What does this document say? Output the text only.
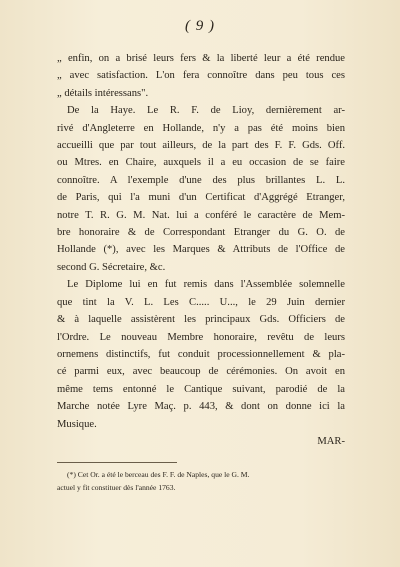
( 9 )
„ enfin, on a brisé leurs fers & la liberté leur a été rendue
„ avec satisfaction. L'on fera connoître dans peu tous ces
„ détails intéressans".
De la Haye. Le R. F. de Lioy, dernièrement ar-
rivé d'Angleterre en Hollande, n'y a pas été moins bien
accueilli que par tout ailleurs, de la part des F. F. Gds. Off.
ou Mtres. en Chaire, auxquels il a eu occasion de se faire
connoître. A l'exemple d'une des plus brillantes L. L.
de Paris, qui l'a muni d'un Certificat d'Aggrégé Etranger,
notre T. R. G. M. Nat. lui a conféré le caractère de Mem-
bre honoraire & de Correspondant Etranger du G. O. de
Hollande (*), avec les Marques & Attributs de l'Office de
second G. Sécretaire, &c.
Le Diplome lui en fut remis dans l'Assemblée solemnelle
que tint la V. L. Les C..... U..., le 29 Juin dernier
& à laquelle assistèrent les principaux Gds. Officiers de
l'Ordre. Le nouveau Membre honoraire, revêtu de leurs
ornemens distinctifs, fut conduit processionnellement & pla-
cé parmi eux, avec beaucoup de cérémonies. On avoit en
même tems entonné le Cantique suivant, parodié de la
Marche notée Lyre Maç. p. 443, & dont on donne ici la
Musique.
MAR-
(*) Cet Or. a été le berceau des F. F. de Naples, que le G. M.
actuel y fit constituer dès l'année 1763.
